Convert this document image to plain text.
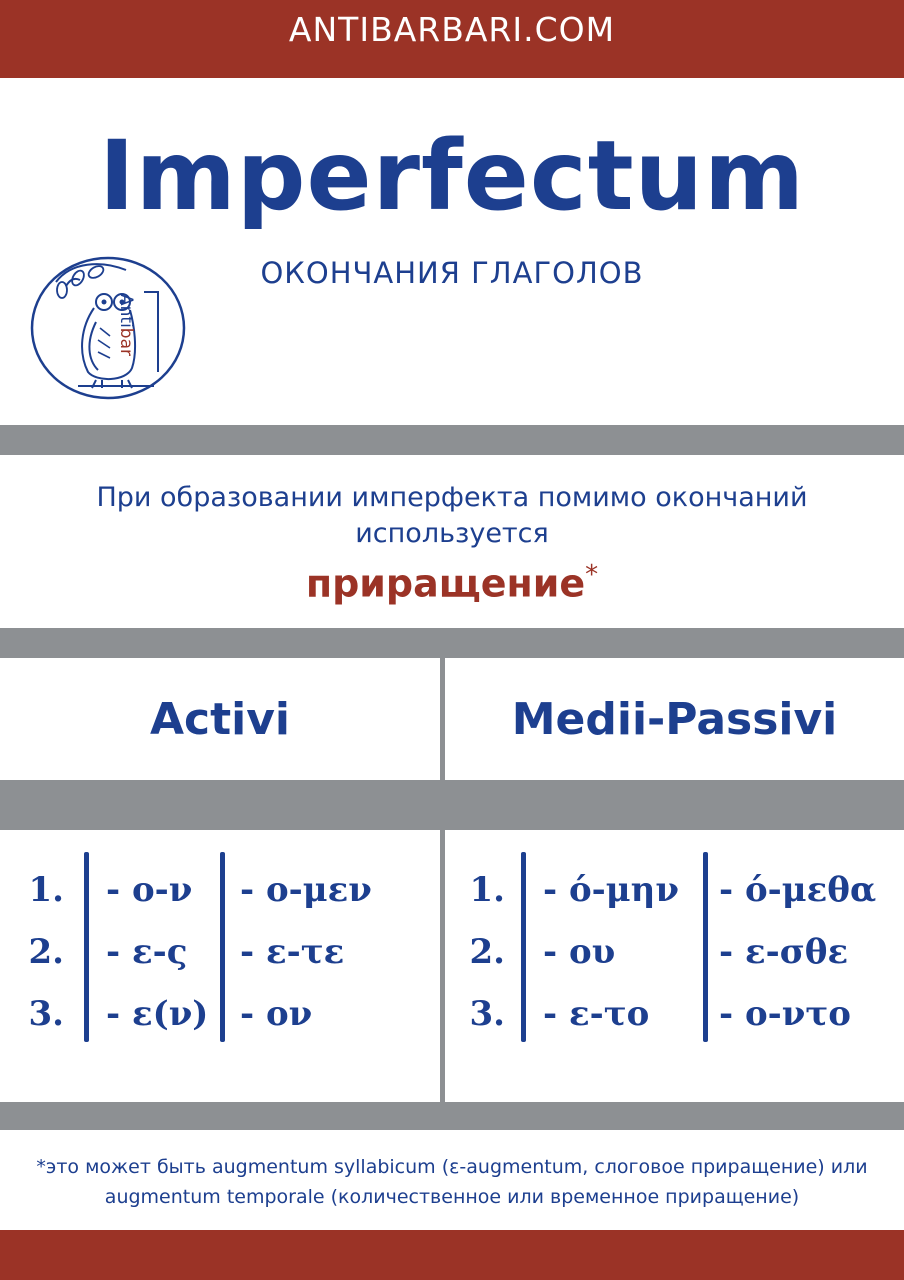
ANTIBARBARI.COM
Imperfectum
ОКОНЧАНИЯ ГЛАГОЛОВ
Antibar
При образовании имперфекта помимо окончаний
используется
приращение*
Activi	Medii-Passivi
1.
2.
3.
- ο-ν
- ε-ς
- ε(ν)
- ο-μεν
- ε-τε
- ον
1.
2.
3.
- ό-μην
- ου
- ε-το
- ό-μεθα
- ε-σθε
- ο-ντο
*это может быть augmentum syllabicum (ε-augmentum, слоговое приращение) или
augmentum temporale (количественное или временное приращение)
